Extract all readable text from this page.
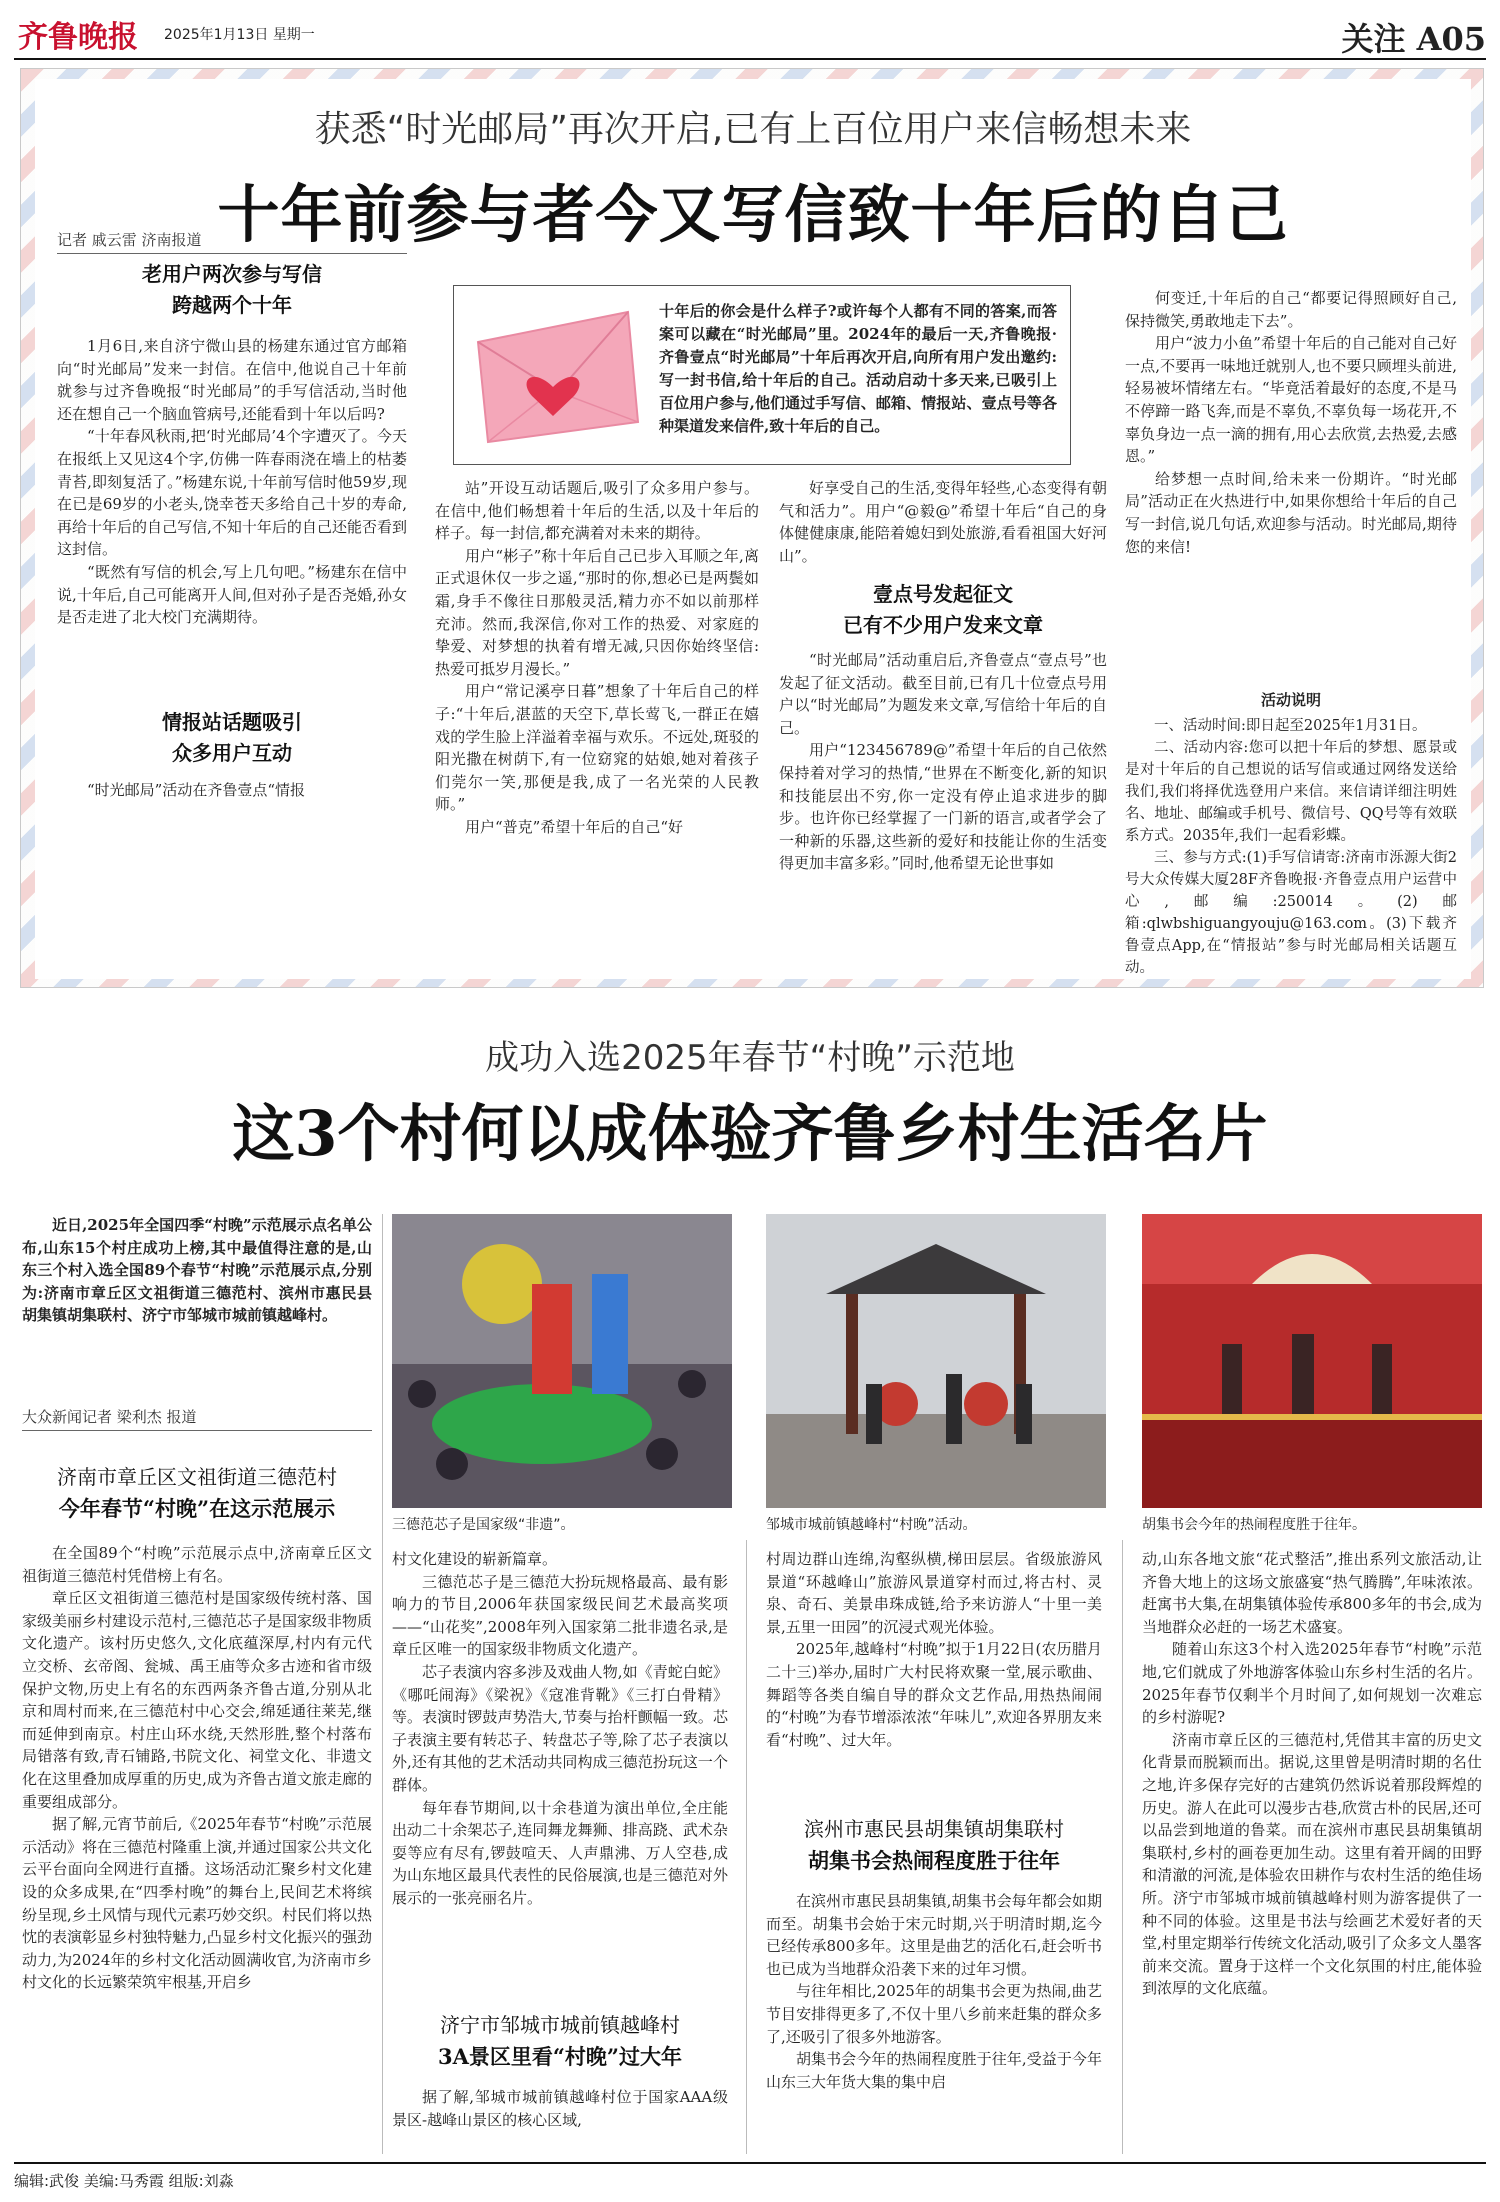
齐鲁晚报 2025年1月13日 星期一	关注 A05
获悉“时光邮局”再次开启,已有上百位用户来信畅想未来
十年前参与者今又写信致十年后的自己
记者 戚云雷 济南报道
老用户两次参与写信
跨越两个十年

1月6日,来自济宁微山县的杨建东通过官方邮箱向“时光邮局”发来一封信。在信中,他说自己十年前就参与过齐鲁晚报“时光邮局”的手写信活动,当时他还在想自己一个脑血管病号,还能看到十年以后吗?

“十年春风秋雨,把‘时光邮局’4个字遭灭了。今天在报纸上又见这4个字,仿佛一阵春雨浇在墙上的枯萎青苔,即刻复活了。”杨建东说,十年前写信时他59岁,现在已是69岁的小老头,饶幸苍天多给自己十岁的寿命,再给十年后的自己写信,不知十年后的自己还能否看到这封信。

“既然有写信的机会,写上几句吧。”杨建东在信中说,十年后,自己可能离开人间,但对孙子是否尧婚,孙女是否走进了北大校门充满期待。

情报站话题吸引
众多用户互动

“时光邮局”活动在齐鲁壹点“情报

十年后的你会是什么样子?或许每个人都有不同的答案,而答案可以藏在“时光邮局”里。2024年的最后一天,齐鲁晚报·齐鲁壹点“时光邮局”十年后再次开启,向所有用户发出邀约:写一封书信,给十年后的自己。活动启动十多天来,已吸引上百位用户参与,他们通过手写信、邮箱、情报站、壹点号等各种渠道发来信件,致十年后的自己。

站”开设互动话题后,吸引了众多用户参与。在信中,他们畅想着十年后的生活,以及十年后的样子。每一封信,都充满着对未来的期待。

用户“彬子”称十年后自己已步入耳顺之年,离正式退休仅一步之遥,“那时的你,想必已是两鬓如霜,身手不像往日那般灵活,精力亦不如以前那样充沛。然而,我深信,你对工作的热爱、对家庭的挚爱、对梦想的执着有增无减,只因你始终坚信:热爱可抵岁月漫长。”

用户“常记溪亭日暮”想象了十年后自己的样子:“十年后,湛蓝的天空下,草长莺飞,一群正在嬉戏的学生脸上洋溢着幸福与欢乐。不远处,斑驳的阳光撒在树荫下,有一位窈窕的姑娘,她对着孩子们莞尔一笑,那便是我,成了一名光荣的人民教师。”

用户“普克”希望十年后的自己“好

好享受自己的生活,变得年轻些,心态变得有朝气和活力”。用户“@毅@”希望十年后“自己的身体健健康康,能陪着媳妇到处旅游,看看祖国大好河山”。

壹点号发起征文
已有不少用户发来文章

“时光邮局”活动重启后,齐鲁壹点“壹点号”也发起了征文活动。截至目前,已有几十位壹点号用户以“时光邮局”为题发来文章,写信给十年后的自己。

用户“123456789@”希望十年后的自己依然保持着对学习的热情,“世界在不断变化,新的知识和技能层出不穷,你一定没有停止追求进步的脚步。也许你已经掌握了一门新的语言,或者学会了一种新的乐器,这些新的爱好和技能让你的生活变得更加丰富多彩。”同时,他希望无论世事如

何变迁,十年后的自己“都要记得照顾好自己,保持微笑,勇敢地走下去”。

用户“波力小鱼”希望十年后的自己能对自己好一点,不要再一味地迁就别人,也不要只顾埋头前进,轻易被坏情绪左右。“毕竟活着最好的态度,不是马不停蹄一路飞奔,而是不辜负,不辜负每一场花开,不辜负身边一点一滴的拥有,用心去欣赏,去热爱,去感恩。”

给梦想一点时间,给未来一份期许。“时光邮局”活动正在火热进行中,如果你想给十年后的自己写一封信,说几句话,欢迎参与活动。时光邮局,期待您的来信!

活动说明

一、活动时间:即日起至2025年1月31日。

二、活动内容:您可以把十年后的梦想、愿景或是对十年后的自己想说的话写信或通过网络发送给我们,我们将择优选登用户来信。来信请详细注明姓名、地址、邮编或手机号、微信号、QQ号等有效联系方式。2035年,我们一起看彩蝶。

三、参与方式:(1)手写信请寄:济南市泺源大街2号大众传媒大厦28F齐鲁晚报·齐鲁壹点用户运营中心,邮编:250014。(2)邮箱:qlwbshiguangyouju@163.com。(3)下载齐鲁壹点App,在“情报站”参与时光邮局相关话题互动。

成功入选2025年春节“村晚”示范地
这3个村何以成体验齐鲁乡村生活名片

近日,2025年全国四季“村晚”示范展示点名单公布,山东15个村庄成功上榜,其中最值得注意的是,山东三个村入选全国89个春节“村晚”示范展示点,分别为:济南市章丘区文祖街道三德范村、滨州市惠民县胡集镇胡集联村、济宁市邹城市城前镇越峰村。

大众新闻记者 梁利杰 报道
济南市章丘区文祖街道三德范村
今年春节“村晚”在这示范展示

在全国89个“村晚”示范展示点中,济南章丘区文祖街道三德范村凭借榜上有名。

章丘区文祖街道三德范村是国家级传统村落、国家级美丽乡村建设示范村,三德范芯子是国家级非物质文化遗产。该村历史悠久,文化底蕴深厚,村内有元代立交桥、玄帝阁、瓮城、禹王庙等众多古迹和省市级保护文物,历史上有名的东西两条齐鲁古道,分别从北京和周村而来,在三德范村中心交会,绵延通往莱芜,继而延伸到南京。村庄山环水绕,天然形胜,整个村落布局错落有致,青石铺路,书院文化、祠堂文化、非遗文化在这里叠加成厚重的历史,成为齐鲁古道文旅走廊的重要组成部分。

据了解,元宵节前后,《2025年春节“村晚”示范展示活动》将在三德范村隆重上演,并通过国家公共文化云平台面向全网进行直播。这场活动汇聚乡村文化建设的众多成果,在“四季村晚”的舞台上,民间艺术将缤纷呈现,乡土风情与现代元素巧妙交织。村民们将以热忱的表演彰显乡村独特魅力,凸显乡村文化振兴的强劲动力,为2024年的乡村文化活动圆满收官,为济南市乡村文化的长远繁荣筑牢根基,开启乡

三德范芯子是国家级“非遗”。

村文化建设的崭新篇章。

三德范芯子是三德范大扮玩规格最高、最有影响力的节目,2006年获国家级民间艺术最高奖项——“山花奖”,2008年列入国家第二批非遗名录,是章丘区唯一的国家级非物质文化遗产。

芯子表演内容多涉及戏曲人物,如《青蛇白蛇》《哪吒闹海》《梁祝》《寇准背靴》《三打白骨精》等。表演时锣鼓声势浩大,节奏与抬杆颤幅一致。芯子表演主要有转芯子、转盘芯子等,除了芯子表演以外,还有其他的艺术活动共同构成三德范扮玩这一个群体。

每年春节期间,以十余巷道为演出单位,全庄能出动二十余架芯子,连同舞龙舞狮、排高跷、武术杂耍等应有尽有,锣鼓喧天、人声鼎沸、万人空巷,成为山东地区最具代表性的民俗展演,也是三德范对外展示的一张亮丽名片。

济宁市邹城市城前镇越峰村
3A景区里看“村晚”过大年

据了解,邹城市城前镇越峰村位于国家AAA级景区-越峰山景区的核心区域,

邹城市城前镇越峰村“村晚”活动。

村周边群山连绵,沟壑纵横,梯田层层。省级旅游风景道“环越峰山”旅游风景道穿村而过,将古村、灵泉、奇石、美景串珠成链,给予来访游人“十里一美景,五里一田园”的沉浸式观光体验。

2025年,越峰村“村晚”拟于1月22日(农历腊月二十三)举办,届时广大村民将欢聚一堂,展示歌曲、舞蹈等各类自编自导的群众文艺作品,用热热闹闹的“村晚”为春节增添浓浓“年味儿”,欢迎各界朋友来看“村晚”、过大年。

滨州市惠民县胡集镇胡集联村
胡集书会热闹程度胜于往年

在滨州市惠民县胡集镇,胡集书会每年都会如期而至。胡集书会始于宋元时期,兴于明清时期,迄今已经传承800多年。这里是曲艺的活化石,赶会听书也已成为当地群众沿袭下来的过年习惯。

与往年相比,2025年的胡集书会更为热闹,曲艺节目安排得更多了,不仅十里八乡前来赶集的群众多了,还吸引了很多外地游客。

胡集书会今年的热闹程度胜于往年,受益于今年山东三大年货大集的集中启

胡集书会今年的热闹程度胜于往年。

动,山东各地文旅“花式整活”,推出系列文旅活动,让齐鲁大地上的这场文旅盛宴“热气腾腾”,年味浓浓。赶寓书大集,在胡集镇体验传承800多年的书会,成为当地群众必赶的一场艺术盛宴。

随着山东这3个村入选2025年春节“村晚”示范地,它们就成了外地游客体验山东乡村生活的名片。2025年春节仅剩半个月时间了,如何规划一次难忘的乡村游呢?

济南市章丘区的三德范村,凭借其丰富的历史文化背景而脱颖而出。据说,这里曾是明清时期的名仕之地,许多保存完好的古建筑仍然诉说着那段辉煌的历史。游人在此可以漫步古巷,欣赏古朴的民居,还可以品尝到地道的鲁菜。而在滨州市惠民县胡集镇胡集联村,乡村的画卷更加生动。这里有着开阔的田野和清澈的河流,是体验农田耕作与农村生活的绝佳场所。济宁市邹城市城前镇越峰村则为游客提供了一种不同的体验。这里是书法与绘画艺术爱好者的天堂,村里定期举行传统文化活动,吸引了众多文人墨客前来交流。置身于这样一个文化氛围的村庄,能体验到浓厚的文化底蕴。

编辑:武俊 美编:马秀霞 组版:刘淼
